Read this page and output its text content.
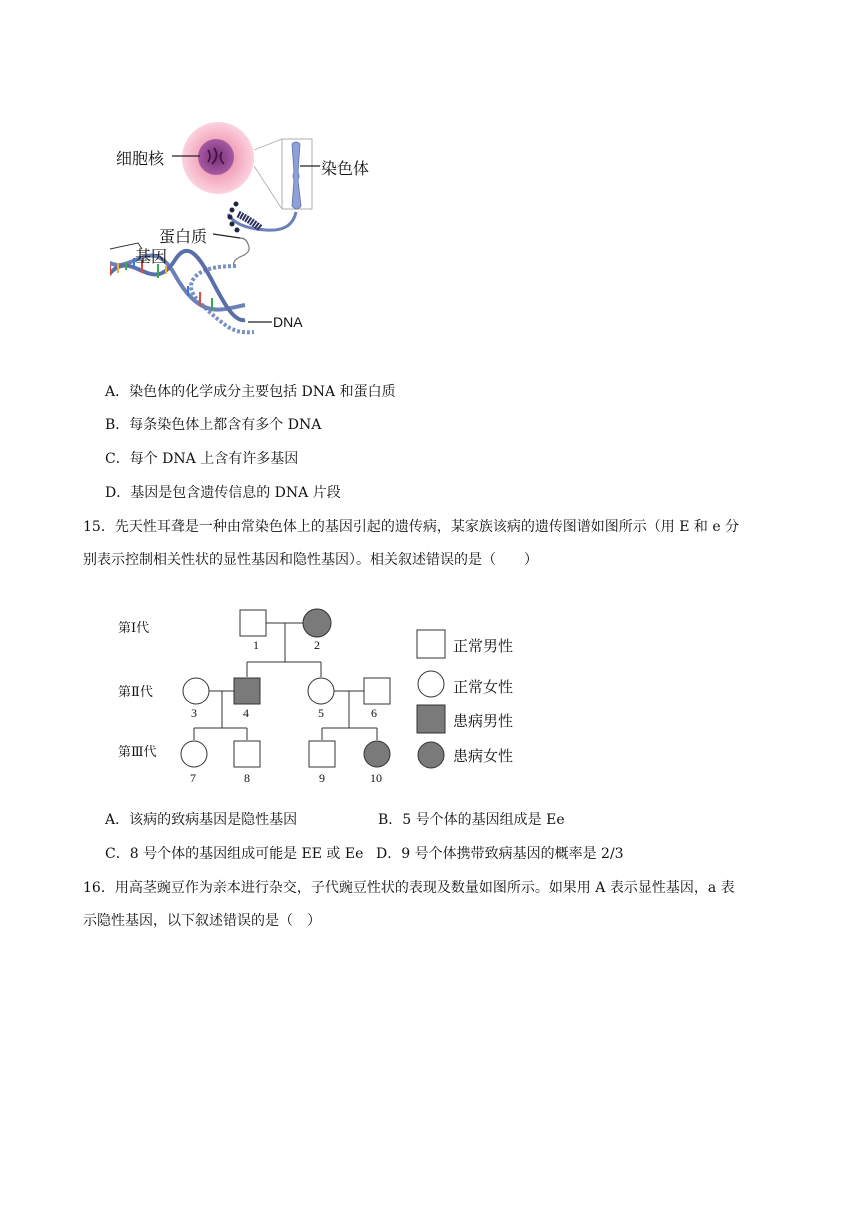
细胞核
染色体
蛋白质
基因
DNA
A．染色体的化学成分主要包括 DNA 和蛋白质
B．每条染色体上都含有多个 DNA
C．每个 DNA 上含有许多基因
D．基因是包含遗传信息的 DNA 片段
15．先天性耳聋是一种由常染色体上的基因引起的遗传病，某家族该病的遗传图谱如图所示（用 E 和 e 分
别表示控制相关性状的显性基因和隐性基因）。相关叙述错误的是（　　）
第Ⅰ代
第Ⅱ代
第Ⅲ代
1	2
3	4	5	6
7	8	9	10
正常男性
正常女性
患病男性
患病女性
A．该病的致病基因是隐性基因	B．5 号个体的基因组成是 Ee
C．8 号个体的基因组成可能是 EE 或 Ee D．9 号个体携带致病基因的概率是 2/3
16．用高茎豌豆作为亲本进行杂交，子代豌豆性状的表现及数量如图所示。如果用 A 表示显性基因，a 表
示隐性基因，以下叙述错误的是（　）
